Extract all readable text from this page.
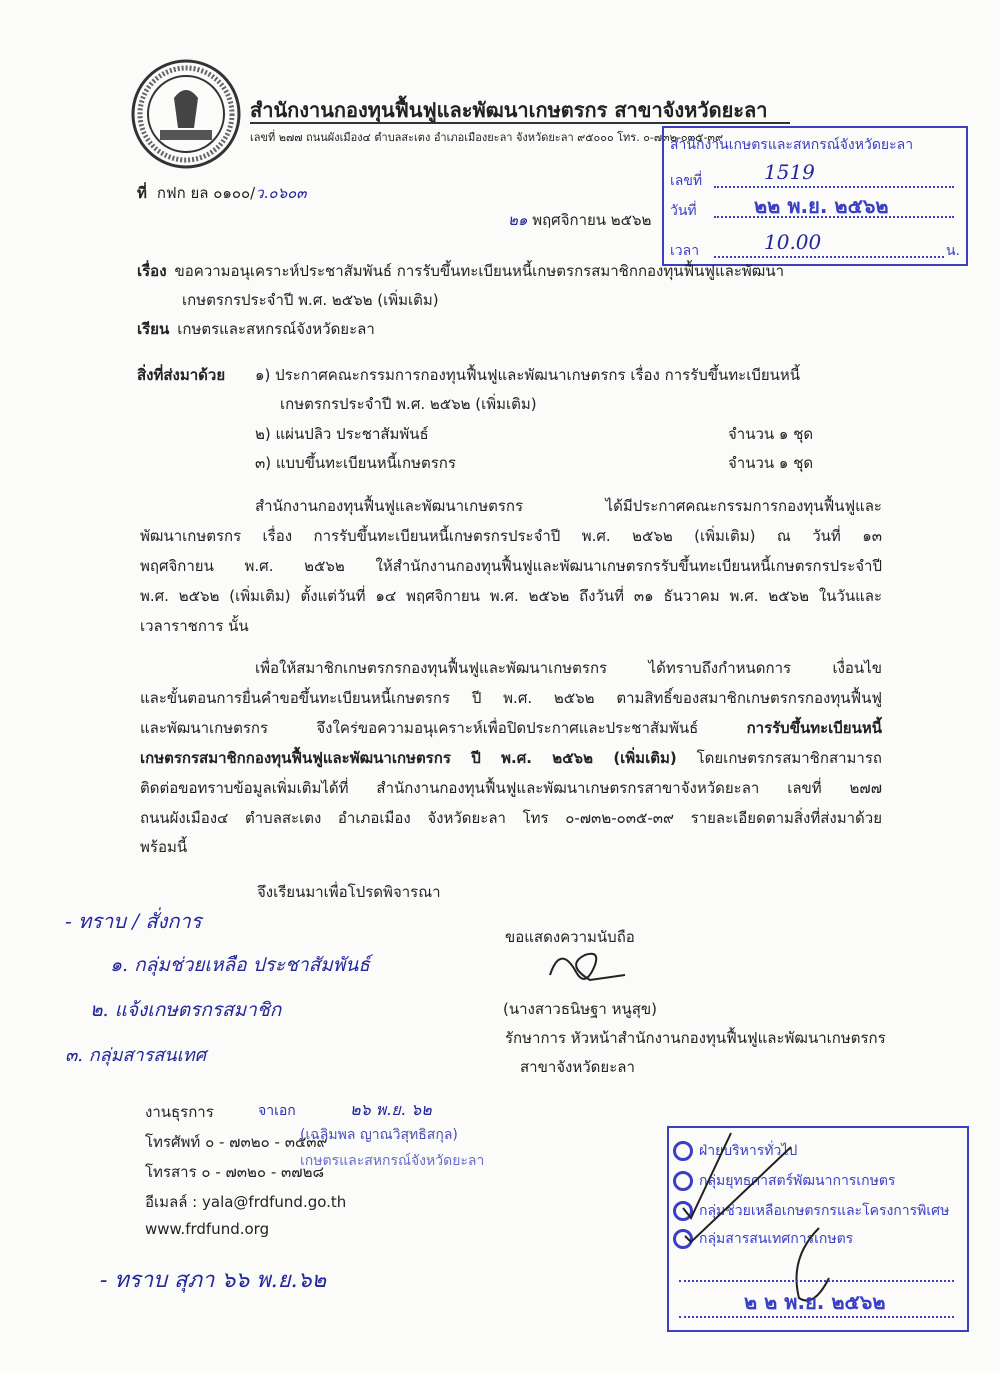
สำนักงานกองทุนฟื้นฟูและพัฒนาเกษตรกร สาขาจังหวัดยะลา
เลขที่ ๒๗๗ ถนนผังเมือง๔ ตำบลสะเตง อำเภอเมืองยะลา จังหวัดยะลา ๙๕๐๐๐ โทร. ๐-๗๓๒-๐๓๕-๓๙
ที่ กฟก ยล ๐๑๐๐/ว.๐๖๐๓
๒๑ พฤศจิกายน ๒๕๖๒
สำนักงานเกษตรและสหกรณ์จังหวัดยะลา
เลขที่	1519
วันที่	๒๒ พ.ย. ๒๕๖๒
เวลา	10.00	น.
เรื่อง ขอความอนุเคราะห์ประชาสัมพันธ์ การรับขึ้นทะเบียนหนี้เกษตรกรสมาชิกกองทุนฟื้นฟูและพัฒนา
เกษตรกรประจำปี พ.ศ. ๒๕๖๒ (เพิ่มเติม)
เรียน เกษตรและสหกรณ์จังหวัดยะลา
สิ่งที่ส่งมาด้วย ๑) ประกาศคณะกรรมการกองทุนฟื้นฟูและพัฒนาเกษตรกร เรื่อง การรับขึ้นทะเบียนหนี้
เกษตรกรประจำปี พ.ศ. ๒๕๖๒ (เพิ่มเติม)
๒) แผ่นปลิว ประชาสัมพันธ์	จำนวน ๑ ชุด
๓) แบบขึ้นทะเบียนหนี้เกษตรกร	จำนวน ๑ ชุด
สำนักงานกองทุนฟื้นฟูและพัฒนาเกษตรกร ได้มีประกาศคณะกรรมการกองทุนฟื้นฟูและ
พัฒนาเกษตรกร เรื่อง การรับขึ้นทะเบียนหนี้เกษตรกรประจำปี พ.ศ. ๒๕๖๒ (เพิ่มเติม) ณ วันที่ ๑๓
พฤศจิกายน พ.ศ. ๒๕๖๒ ให้สำนักงานกองทุนฟื้นฟูและพัฒนาเกษตรกรรับขึ้นทะเบียนหนี้เกษตรกรประจำปี
พ.ศ. ๒๕๖๒ (เพิ่มเติม) ตั้งแต่วันที่ ๑๔ พฤศจิกายน พ.ศ. ๒๕๖๒ ถึงวันที่ ๓๑ ธันวาคม พ.ศ. ๒๕๖๒ ในวันและ
เวลาราชการ นั้น
เพื่อให้สมาชิกเกษตรกรกองทุนฟื้นฟูและพัฒนาเกษตรกร ได้ทราบถึงกำหนดการ เงื่อนไข
และขั้นตอนการยื่นคำขอขึ้นทะเบียนหนี้เกษตรกร ปี พ.ศ. ๒๕๖๒ ตามสิทธิ์ของสมาชิกเกษตรกรกองทุนฟื้นฟู
และพัฒนาเกษตรกร จึงใคร่ขอความอนุเคราะห์เพื่อปิดประกาศและประชาสัมพันธ์ การรับขึ้นทะเบียนหนี้
เกษตรกรสมาชิกกองทุนฟื้นฟูและพัฒนาเกษตรกร ปี พ.ศ. ๒๕๖๒ (เพิ่มเติม) โดยเกษตรกรสมาชิกสามารถ
ติดต่อขอทราบข้อมูลเพิ่มเติมได้ที่ สำนักงานกองทุนฟื้นฟูและพัฒนาเกษตรกรสาขาจังหวัดยะลา เลขที่ ๒๗๗
ถนนผังเมือง๔ ตำบลสะเตง อำเภอเมือง จังหวัดยะลา โทร ๐-๗๓๒-๐๓๕-๓๙ รายละเอียดตามสิ่งที่ส่งมาด้วย
พร้อมนี้
จึงเรียนมาเพื่อโปรดพิจารณา
ขอแสดงความนับถือ
(นางสาวธนิษฐา หนูสุข)
รักษาการ หัวหน้าสำนักงานกองทุนฟื้นฟูและพัฒนาเกษตรกร
สาขาจังหวัดยะลา
- ทราบ / สั่งการ
๑. กลุ่มช่วยเหลือ ประชาสัมพันธ์
๒. แจ้งเกษตรกรสมาชิก
๓. กลุ่มสารสนเทศ
งานธุรการ
โทรศัพท์ ๐ - ๗๓๒๐ - ๓๕๓๙
โทรสาร ๐ - ๗๓๒๐ - ๓๗๒๘
อีเมลล์ : yala@frdfund.go.th
www.frdfund.org
จาเอก	๒๖ พ.ย. ๖๒
(เฉลิมพล ญาณวิสุทธิสกุล)
เกษตรและสหกรณ์จังหวัดยะลา
- ทราบ สุภา ๖๖ พ.ย.๖๒
ฝ่ายบริหารทั่วไป
กลุ่มยุทธศาสตร์พัฒนาการเกษตร
กลุ่มช่วยเหลือเกษตรกรและโครงการพิเศษ
กลุ่มสารสนเทศการเกษตร
๒ ๒ พ.ย. ๒๕๖๒
